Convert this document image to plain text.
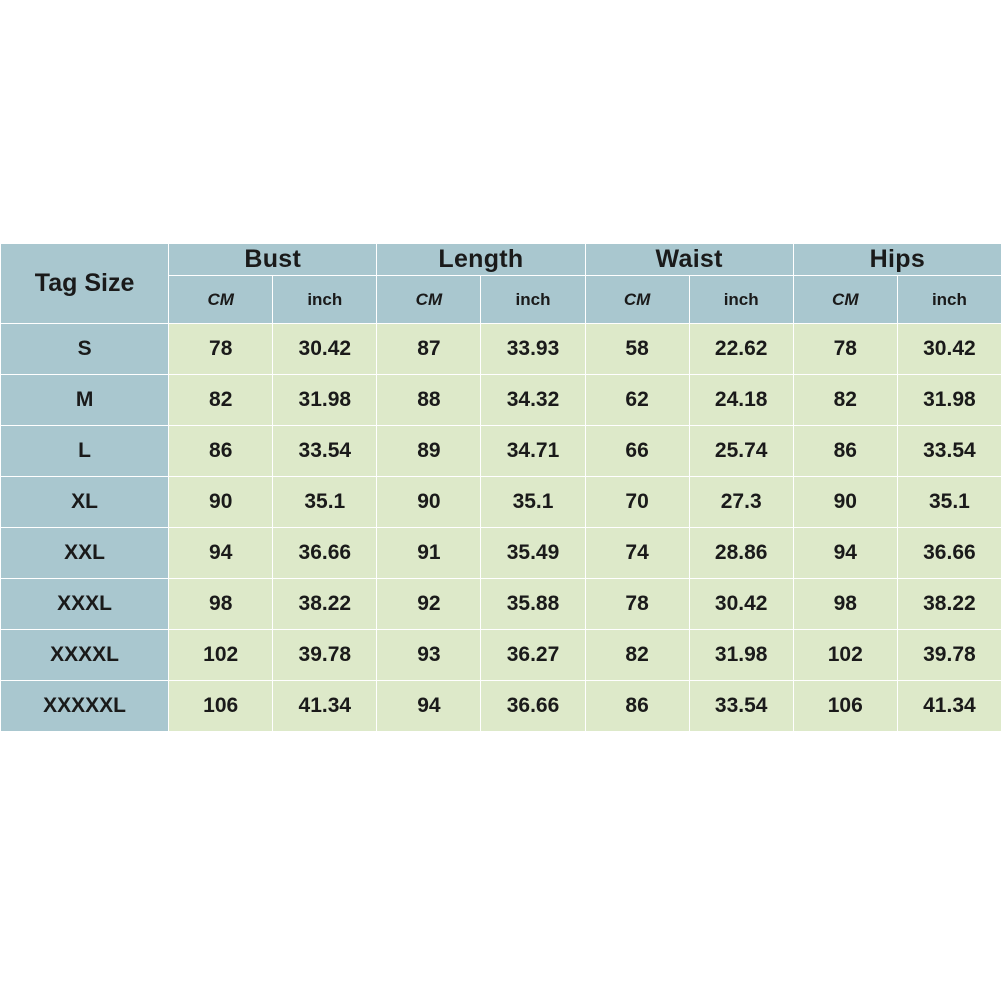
Tag Size	Bust		Length		Waist		Hips	
	CM	inch	CM	inch	CM	inch	CM	inch
S	78	30.42	87	33.93	58	22.62	78	30.42
M	82	31.98	88	34.32	62	24.18	82	31.98
L	86	33.54	89	34.71	66	25.74	86	33.54
XL	90	35.1	90	35.1	70	27.3	90	35.1
XXL	94	36.66	91	35.49	74	28.86	94	36.66
XXXL	98	38.22	92	35.88	78	30.42	98	38.22
XXXXL	102	39.78	93	36.27	82	31.98	102	39.78
XXXXXL	106	41.34	94	36.66	86	33.54	106	41.34
